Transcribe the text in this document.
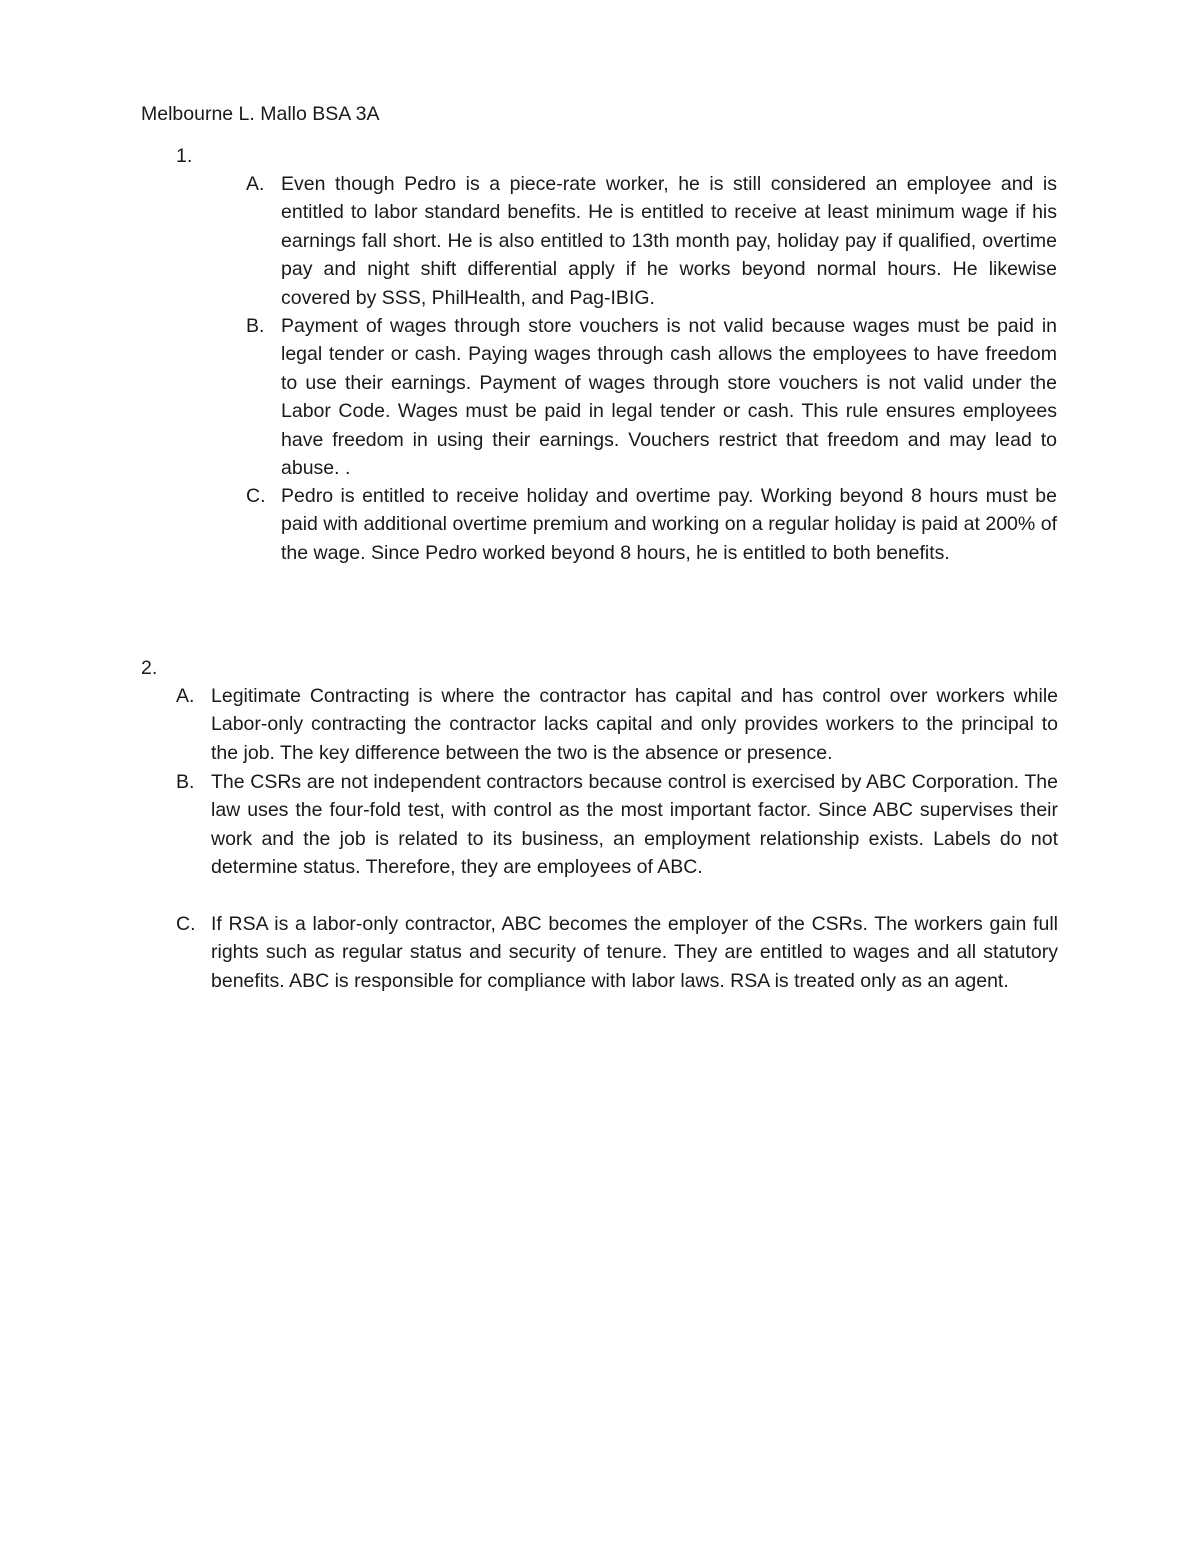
Melbourne L. Mallo BSA 3A
1.
A. Even though Pedro is a piece-rate worker, he is still considered an employee and is entitled to labor standard benefits. He is entitled to receive at least minimum wage if his earnings fall short. He is also entitled to 13th month pay, holiday pay if qualified, overtime pay and night shift differential apply if he works beyond normal hours. He likewise covered by SSS, PhilHealth, and Pag-IBIG.
B. Payment of wages through store vouchers is not valid because wages must be paid in legal tender or cash. Paying wages through cash allows the employees to have freedom to use their earnings. Payment of wages through store vouchers is not valid under the Labor Code. Wages must be paid in legal tender or cash. This rule ensures employees have freedom in using their earnings. Vouchers restrict that freedom and may lead to abuse. .
C. Pedro is entitled to receive holiday and overtime pay. Working beyond 8 hours must be paid with additional overtime premium and working on a regular holiday is paid at 200% of the wage. Since Pedro worked beyond 8 hours, he is entitled to both benefits.
2.
A. Legitimate Contracting is where the contractor has capital and has control over workers while Labor-only contracting the contractor lacks capital and only provides workers to the principal to the job. The key difference between the two is the absence or presence.
B. The CSRs are not independent contractors because control is exercised by ABC Corporation. The law uses the four-fold test, with control as the most important factor. Since ABC supervises their work and the job is related to its business, an employment relationship exists. Labels do not determine status. Therefore, they are employees of ABC.
C. If RSA is a labor-only contractor, ABC becomes the employer of the CSRs. The workers gain full rights such as regular status and security of tenure. They are entitled to wages and all statutory benefits. ABC is responsible for compliance with labor laws. RSA is treated only as an agent.
